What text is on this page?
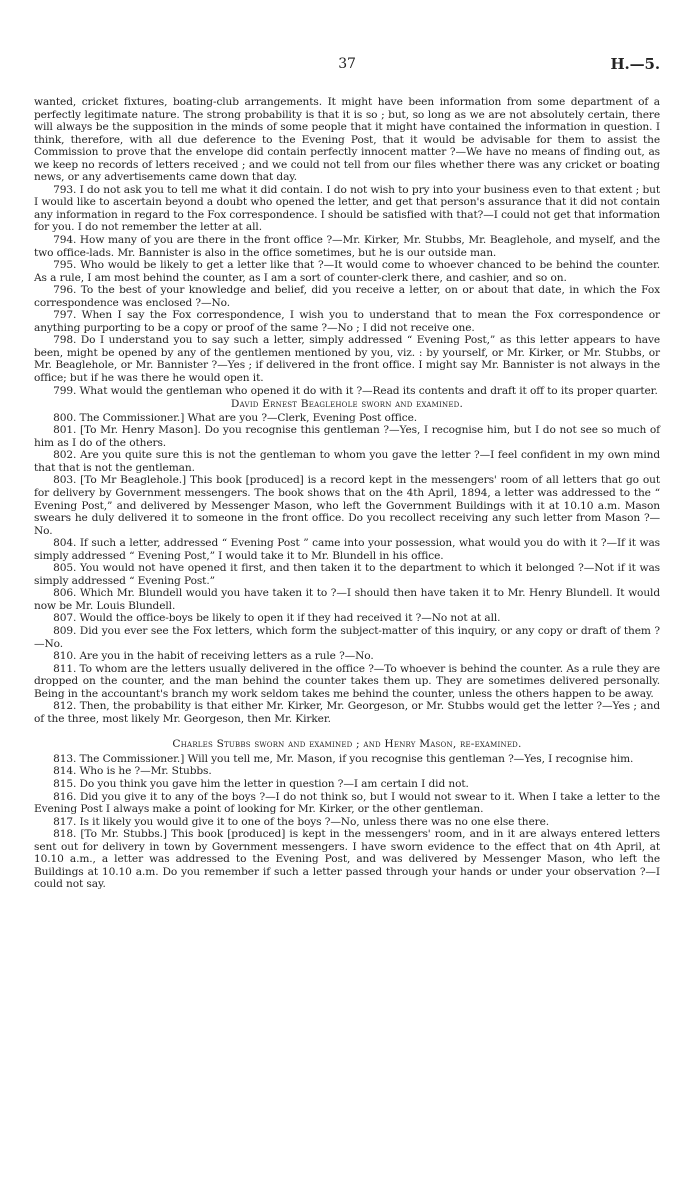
37	H.—5.

wanted, cricket fixtures, boating-club arrangements. It might have been information from some department of a perfectly legitimate nature. The strong probability is that it is so ; but, so long as we are not absolutely certain, there will always be the supposition in the minds of some people that it might have contained the information in question. I think, therefore, with all due deference to the Evening Post, that it would be advisable for them to assist the Commission to prove that the envelope did contain perfectly innocent matter ?—We have no means of finding out, as we keep no records of letters received ; and we could not tell from our files whether there was any cricket or boating news, or any advertisements came down that day.

793. I do not ask you to tell me what it did contain. I do not wish to pry into your business even to that extent ; but I would like to ascertain beyond a doubt who opened the letter, and get that person's assurance that it did not contain any information in regard to the Fox correspondence. I should be satisfied with that?—I could not get that information for you. I do not remember the letter at all.

794. How many of you are there in the front office ?—Mr. Kirker, Mr. Stubbs, Mr. Beaglehole, and myself, and the two office-lads. Mr. Bannister is also in the office sometimes, but he is our outside man.

795. Who would be likely to get a letter like that ?—It would come to whoever chanced to be behind the counter. As a rule, I am most behind the counter, as I am a sort of counter-clerk there, and cashier, and so on.

796. To the best of your knowledge and belief, did you receive a letter, on or about that date, in which the Fox correspondence was enclosed ?—No.

797. When I say the Fox correspondence, I wish you to understand that to mean the Fox correspondence or anything purporting to be a copy or proof of the same ?—No ; I did not receive one.

798. Do I understand you to say such a letter, simply addressed “ Evening Post,” as this letter appears to have been, might be opened by any of the gentlemen mentioned by you, viz. : by yourself, or Mr. Kirker, or Mr. Stubbs, or Mr. Beaglehole, or Mr. Bannister ?—Yes ; if delivered in the front office. I might say Mr. Bannister is not always in the office; but if he was there he would open it.

799. What would the gentleman who opened it do with it ?—Read its contents and draft it off to its proper quarter.

David Ernest Beaglehole sworn and examined.

800. The Commissioner.] What are you ?—Clerk, Evening Post office.

801. [To Mr. Henry Mason]. Do you recognise this gentleman ?—Yes, I recognise him, but I do not see so much of him as I do of the others.

802. Are you quite sure this is not the gentleman to whom you gave the letter ?—I feel confident in my own mind that that is not the gentleman.

803. [To Mr Beaglehole.] This book [produced] is a record kept in the messengers' room of all letters that go out for delivery by Government messengers. The book shows that on the 4th April, 1894, a letter was addressed to the “ Evening Post,” and delivered by Messenger Mason, who left the Government Buildings with it at 10.10 a.m. Mason swears he duly delivered it to someone in the front office. Do you recollect receiving any such letter from Mason ?—No.

804. If such a letter, addressed “ Evening Post ” came into your possession, what would you do with it ?—If it was simply addressed “ Evening Post,” I would take it to Mr. Blundell in his office.

805. You would not have opened it first, and then taken it to the department to which it belonged ?—Not if it was simply addressed “ Evening Post.”

806. Which Mr. Blundell would you have taken it to ?—I should then have taken it to Mr. Henry Blundell. It would now be Mr. Louis Blundell.

807. Would the office-boys be likely to open it if they had received it ?—No not at all.

809. Did you ever see the Fox letters, which form the subject-matter of this inquiry, or any copy or draft of them ?—No.

810. Are you in the habit of receiving letters as a rule ?—No.

811. To whom are the letters usually delivered in the office ?—To whoever is behind the counter. As a rule they are dropped on the counter, and the man behind the counter takes them up. They are sometimes delivered personally. Being in the accountant's branch my work seldom takes me behind the counter, unless the others happen to be away.

812. Then, the probability is that either Mr. Kirker, Mr. Georgeson, or Mr. Stubbs would get the letter ?—Yes ; and of the three, most likely Mr. Georgeson, then Mr. Kirker.

Charles Stubbs sworn and examined ; and Henry Mason, re-examined.

813. The Commissioner.] Will you tell me, Mr. Mason, if you recognise this gentleman ?—Yes, I recognise him.

814. Who is he ?—Mr. Stubbs.

815. Do you think you gave him the letter in question ?—I am certain I did not.

816. Did you give it to any of the boys ?—I do not think so, but I would not swear to it. When I take a letter to the Evening Post I always make a point of looking for Mr. Kirker, or the other gentleman.

817. Is it likely you would give it to one of the boys ?—No, unless there was no one else there.

818. [To Mr. Stubbs.] This book [produced] is kept in the messengers' room, and in it are always entered letters sent out for delivery in town by Government messengers. I have sworn evidence to the effect that on 4th April, at 10.10 a.m., a letter was addressed to the Evening Post, and was delivered by Messenger Mason, who left the Buildings at 10.10 a.m. Do you remember if such a letter passed through your hands or under your observation ?—I could not say.
